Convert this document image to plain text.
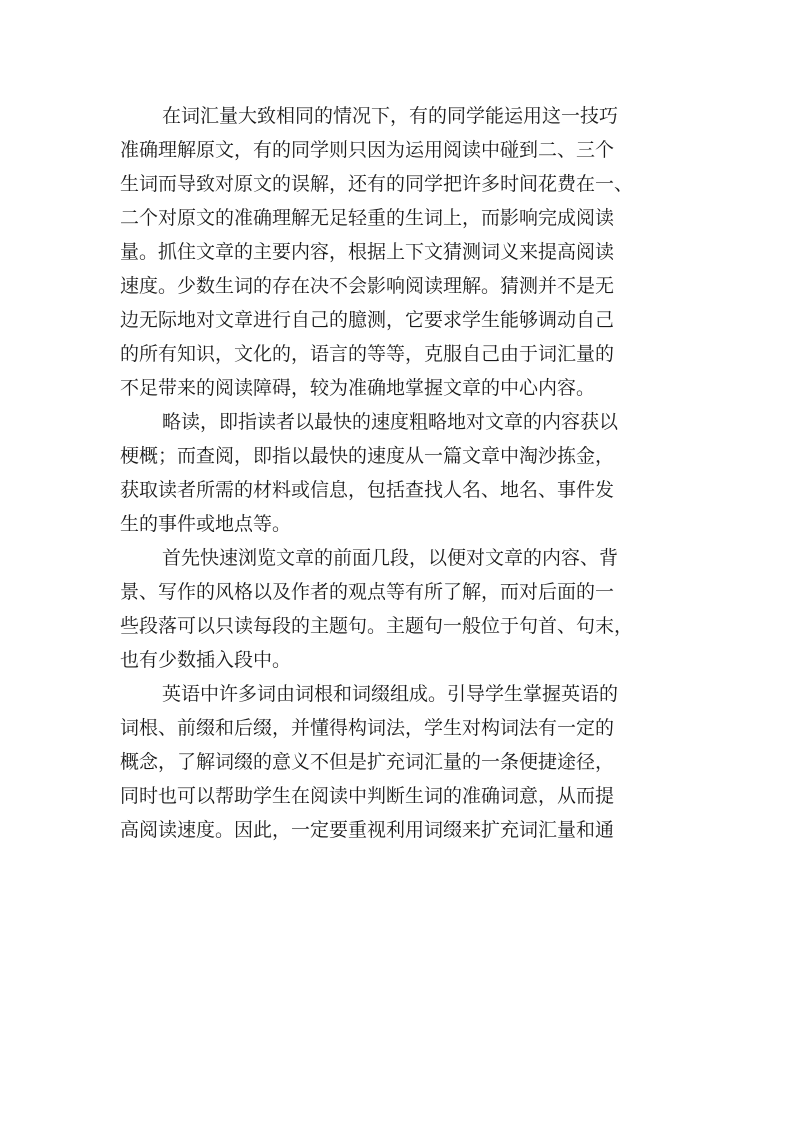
在词汇量大致相同的情况下，有的同学能运用这一技巧
准确理解原文，有的同学则只因为运用阅读中碰到二、三个
生词而导致对原文的误解，还有的同学把许多时间花费在一、
二个对原文的准确理解无足轻重的生词上，而影响完成阅读
量。抓住文章的主要内容，根据上下文猜测词义来提高阅读
速度。少数生词的存在决不会影响阅读理解。猜测并不是无
边无际地对文章进行自己的臆测，它要求学生能够调动自己
的所有知识，文化的，语言的等等，克服自己由于词汇量的
不足带来的阅读障碍，较为准确地掌握文章的中心内容。
略读，即指读者以最快的速度粗略地对文章的内容获以
梗概；而查阅，即指以最快的速度从一篇文章中淘沙拣金，
获取读者所需的材料或信息，包括查找人名、地名、事件发
生的事件或地点等。
首先快速浏览文章的前面几段，以便对文章的内容、背
景、写作的风格以及作者的观点等有所了解，而对后面的一
些段落可以只读每段的主题句。主题句一般位于句首、句末，
也有少数插入段中。
英语中许多词由词根和词缀组成。引导学生掌握英语的
词根、前缀和后缀，并懂得构词法，学生对构词法有一定的
概念，了解词缀的意义不但是扩充词汇量的一条便捷途径，
同时也可以帮助学生在阅读中判断生词的准确词意，从而提
高阅读速度。因此，一定要重视利用词缀来扩充词汇量和通
